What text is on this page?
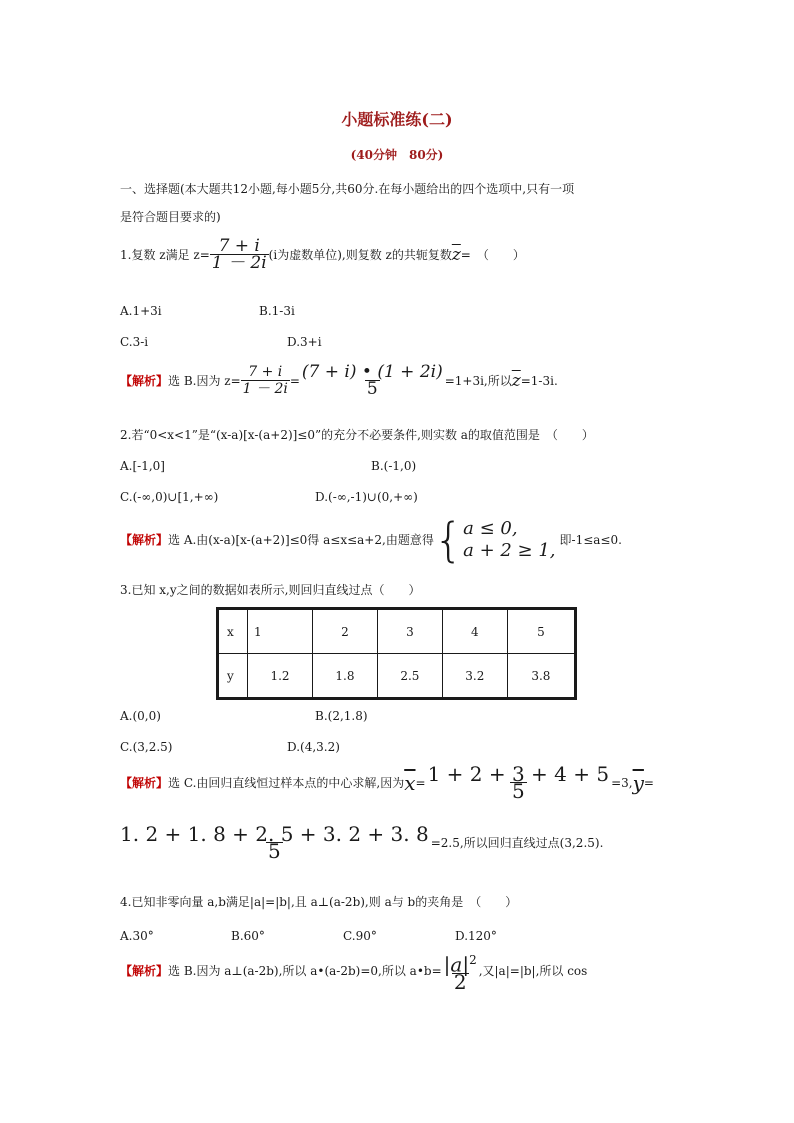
小题标准练(二)
(40分钟　80分)
一、选择题(本大题共12小题,每小题5分,共60分.在每小题给出的四个选项中,只有一项
是符合题目要求的)
1.复数 z满足 $z= \frac{7 + i}{1 - 2i} (i$为虚数单位),则复数 z的共轭复数 $\overline{z}$ =　（　　）
A.1+3i	B.1-3i
C.3-i	D.3+i
【解析】 选 B.因为 $z= \frac{7 + i}{1 - 2i} = \frac{(7 + i) • (1 + 2i)}{5} =1+3i$,所以 $\overline{z} =1-3i$.
2.若“0<x<1”是“(x-a)[x-(a+2)]≤0”的充分不必要条件,则实数 a的取值范围是　（　　）
A.[-1,0]	B.(-1,0)
C.(-∞,0)∪[1,+∞)	D.(-∞,-1)∪(0,+∞)
【解析】 选 A.由(x-a)[x-(a+2)]≤0得 a≤x≤a+2,由题意得 { a ≤ 0,
a + 2 ≥ 1, 即-1≤a≤0.
3.已知 x,y之间的数据如表所示,则回归直线过点（　　）
x	1	2	3	4	5
y	1.2	1.8	2.5	3.2	3.8
A.(0,0)	B.(2,1.8)
C.(3,2.5)	D.(4,3.2)
【解析】 选 C.由回归直线恒过样本点的中心求解,因为 $\overline{x} = \frac{1 + 2 + 3 + 4 + 5}{5} =3$, $\overline{y}$ =
$\frac{1. 2 + 1. 8 + 2. 5 + 3. 2 + 3. 8}{5} =2.5$,所以回归直线过点(3,2.5).
4.已知非零向量 a,b满足|a|=|b|,且 a⊥(a-2b),则 a与 b的夹角是　（　　）
A.30°	B.60°	C.90°	D.120°
【解析】 选 B.因为 a⊥(a-2b),所以 a•(a-2b)=0,所以 a•b= $\frac{|a|^2}{2}$ ,又|a|=|b|,所以 cos
